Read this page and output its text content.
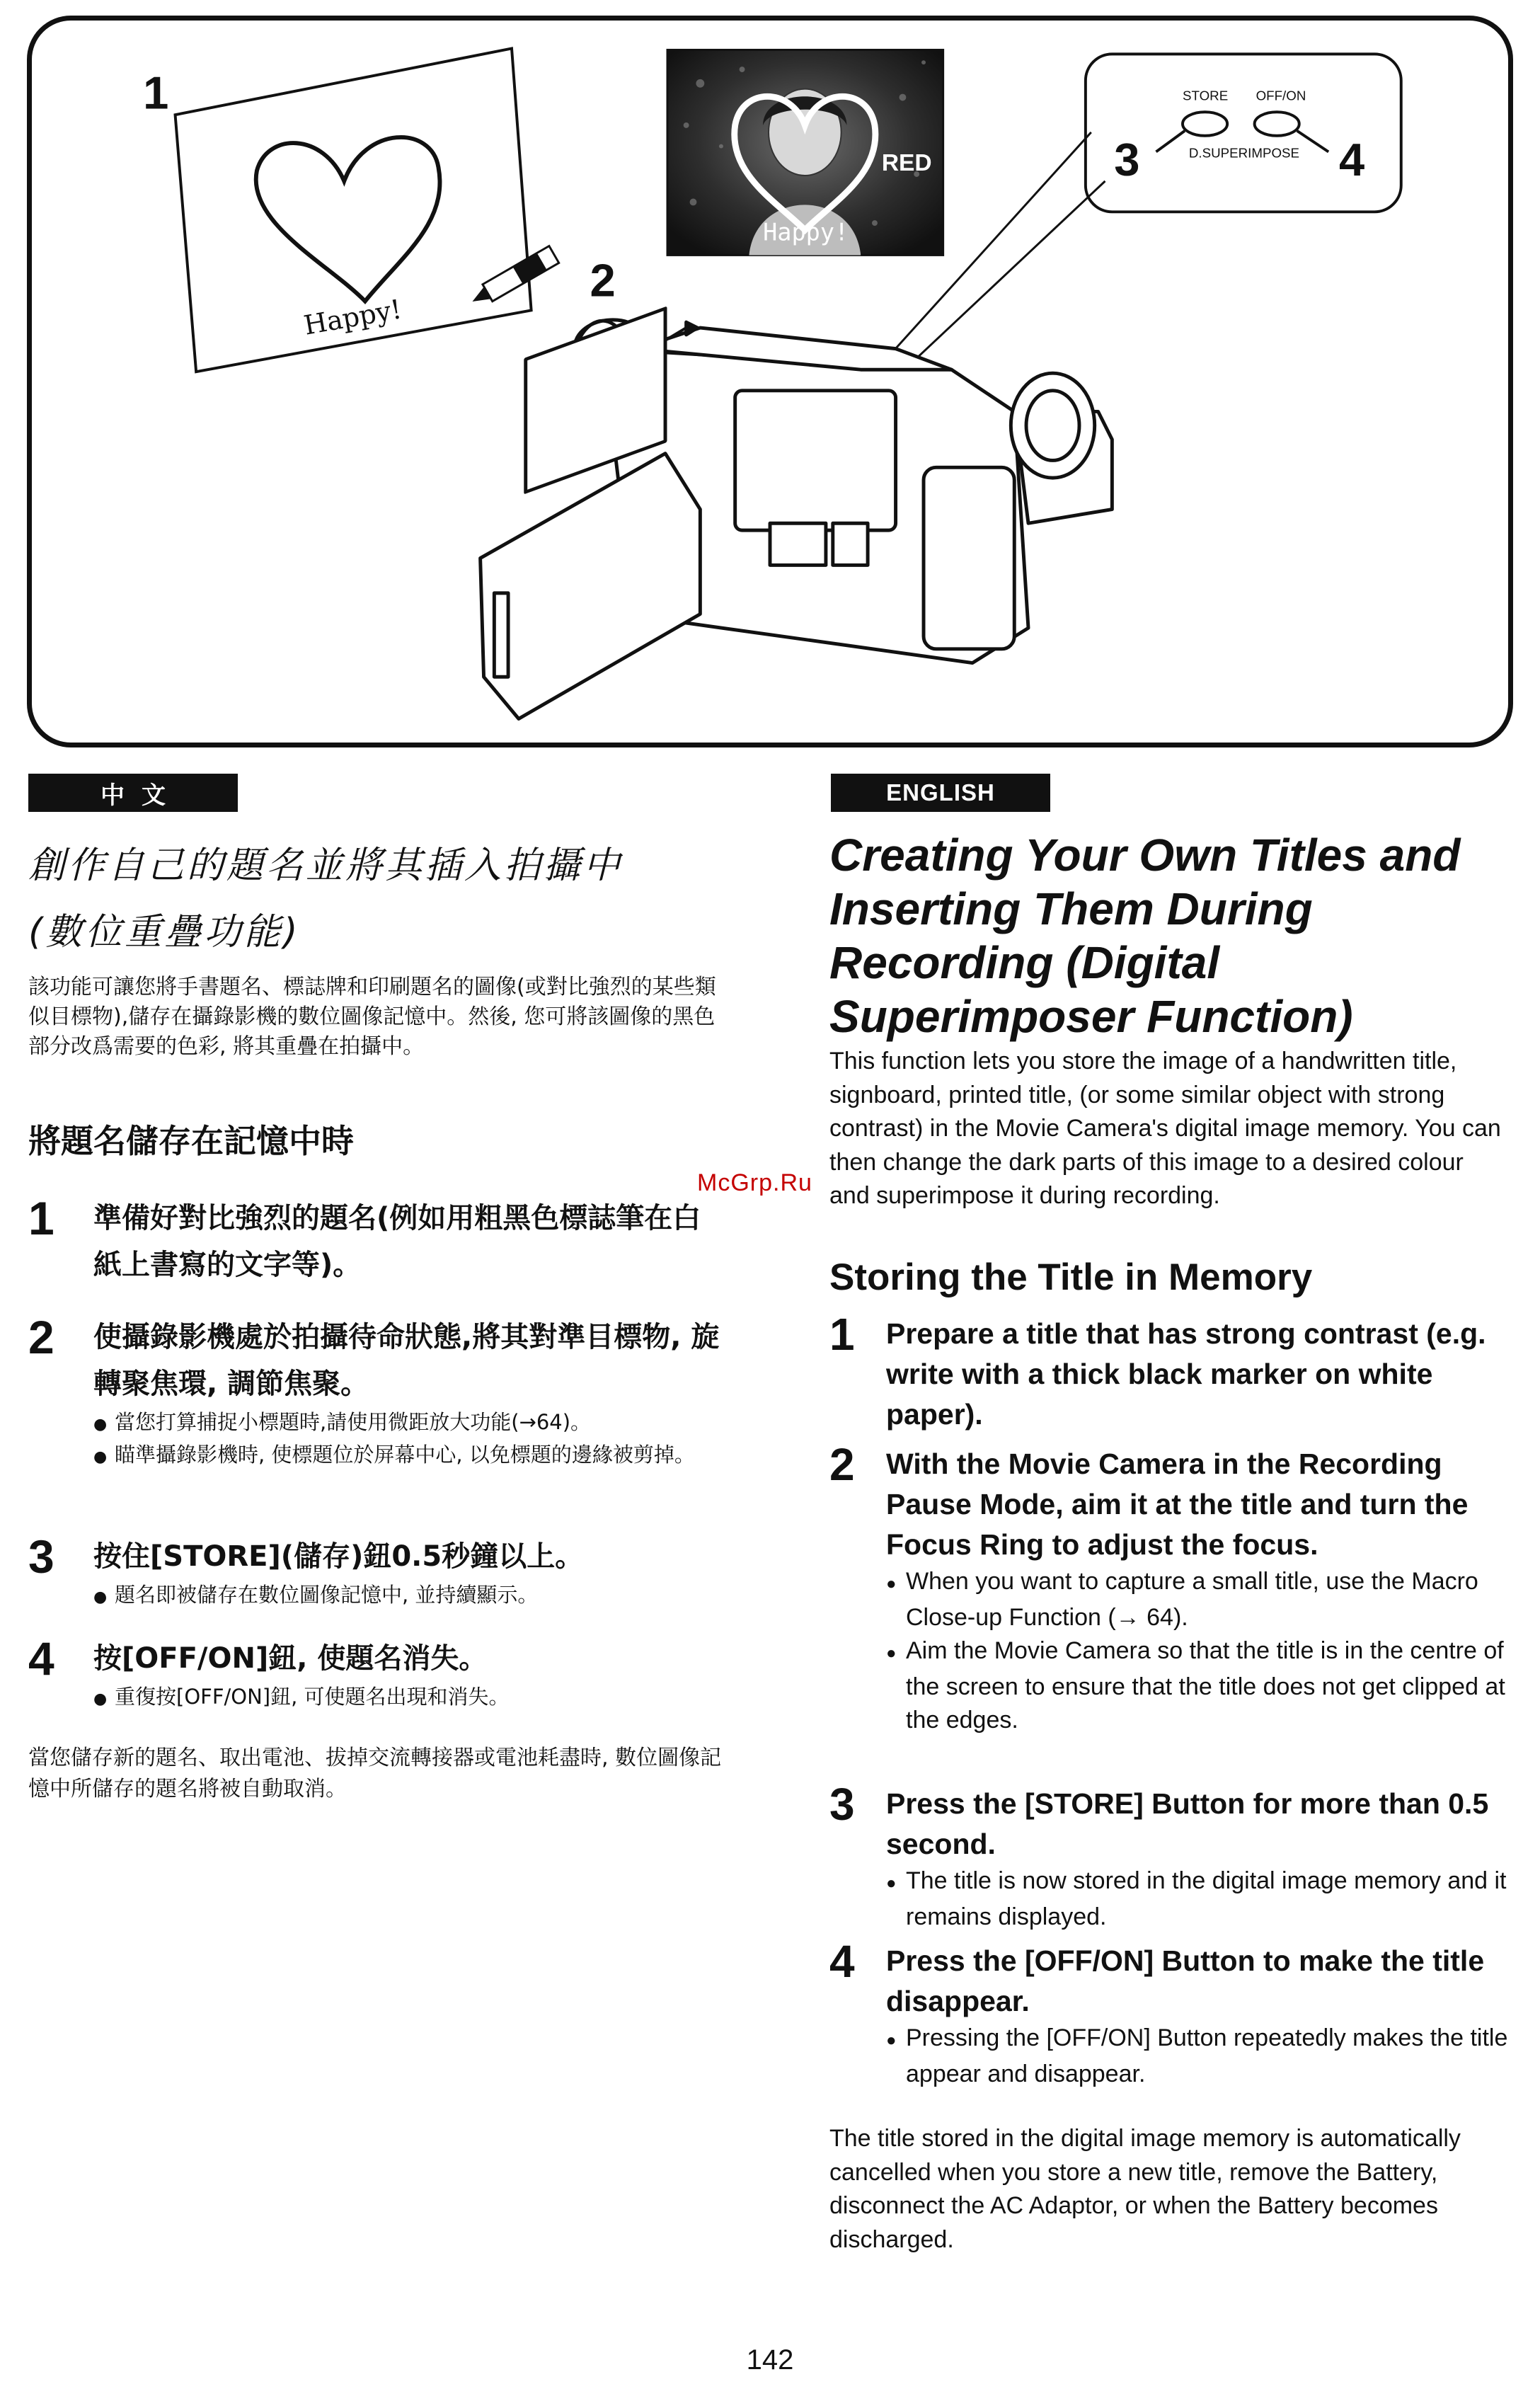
Happy!
1
2
RED
Happy!
STORE OFF/ON
D.SUPERIMPOSE
3	4
中文	ENGLISH
創作自己的題名並將其插入拍攝中
(數位重疊功能)
該功能可讓您將手書題名、標誌牌和印刷題名的圖像(或對比強烈的某些類似目標物),儲存在攝錄影機的數位圖像記憶中。然後, 您可將該圖像的黑色部分改爲需要的色彩, 將其重疊在拍攝中。
將題名儲存在記憶中時
1 準備好對比強烈的題名(例如用粗黑色標誌筆在白紙上書寫的文字等)。
2 使攝錄影機處於拍攝待命狀態,將其對準目標物, 旋轉聚焦環, 調節焦聚。
● 當您打算捕捉小標題時,請使用微距放大功能(→64)。
● 瞄準攝錄影機時, 使標題位於屏幕中心, 以免標題的邊緣被剪掉。
3 按住[STORE](儲存)鈕0.5秒鐘以上。
● 題名即被儲存在數位圖像記憶中, 並持續顯示。
4 按[OFF/ON]鈕, 使題名消失。
● 重復按[OFF/ON]鈕, 可使題名出現和消失。
當您儲存新的題名、取出電池、拔掉交流轉接器或電池耗盡時, 數位圖像記憶中所儲存的題名將被自動取消。
Creating Your Own Titles and Inserting Them During Recording (Digital Superimposer Function)
This function lets you store the image of a handwritten title, signboard, printed title, (or some similar object with strong contrast) in the Movie Camera's digital image memory. You can then change the dark parts of this image to a desired colour and superimpose it during recording.
Storing the Title in Memory
1 Prepare a title that has strong contrast (e.g. write with a thick black marker on white paper).
2 With the Movie Camera in the Recording Pause Mode, aim it at the title and turn the Focus Ring to adjust the focus.
● When you want to capture a small title, use the Macro Close-up Function (→ 64).
● Aim the Movie Camera so that the title is in the centre of the screen to ensure that the title does not get clipped at the edges.
3 Press the [STORE] Button for more than 0.5 second.
● The title is now stored in the digital image memory and it remains displayed.
4 Press the [OFF/ON] Button to make the title disappear.
● Pressing the [OFF/ON] Button repeatedly makes the title appear and disappear.
The title stored in the digital image memory is automatically cancelled when you store a new title, remove the Battery, disconnect the AC Adaptor, or when the Battery becomes discharged.
McGrp.Ru
142
